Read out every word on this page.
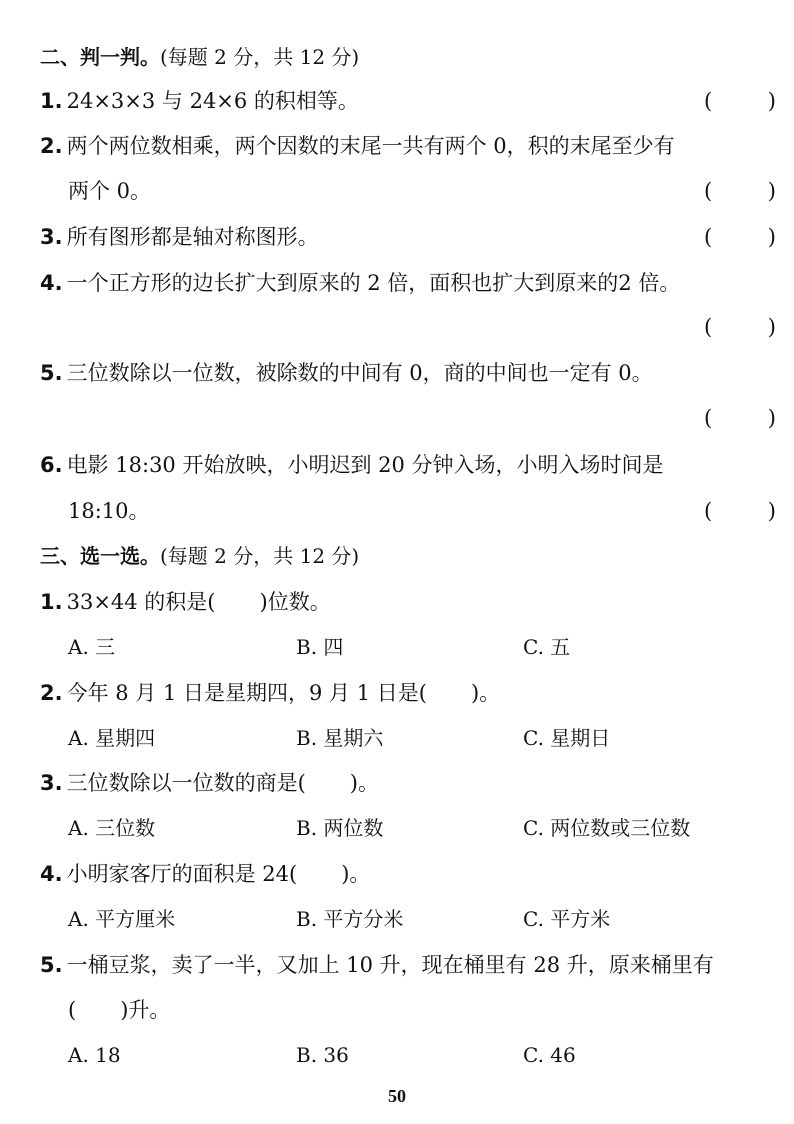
二、判一判。(每题 2 分，共 12 分)
1. 24×3×3 与 24×6 的积相等。	(	)
2. 两个两位数相乘，两个因数的末尾一共有两个 0，积的末尾至少有
两个 0。	(	)
3. 所有图形都是轴对称图形。	(	)
4. 一个正方形的边长扩大到原来的 2 倍，面积也扩大到原来的2 倍。
(	)
5. 三位数除以一位数，被除数的中间有 0，商的中间也一定有 0。
(	)
6. 电影 18:30 开始放映，小明迟到 20 分钟入场，小明入场时间是
18:10。	(	)
三、选一选。(每题 2 分，共 12 分)
1. 33×44 的积是( )位数。
A. 三	B. 四	C. 五
2. 今年 8 月 1 日是星期四，9 月 1 日是( )。
A. 星期四	B. 星期六	C. 星期日
3. 三位数除以一位数的商是( )。
A. 三位数	B. 两位数	C. 两位数或三位数
4. 小明家客厅的面积是 24( )。
A. 平方厘米	B. 平方分米	C. 平方米
5. 一桶豆浆，卖了一半，又加上 10 升，现在桶里有 28 升，原来桶里有
( )升。
A. 18	B. 36	C. 46
50
